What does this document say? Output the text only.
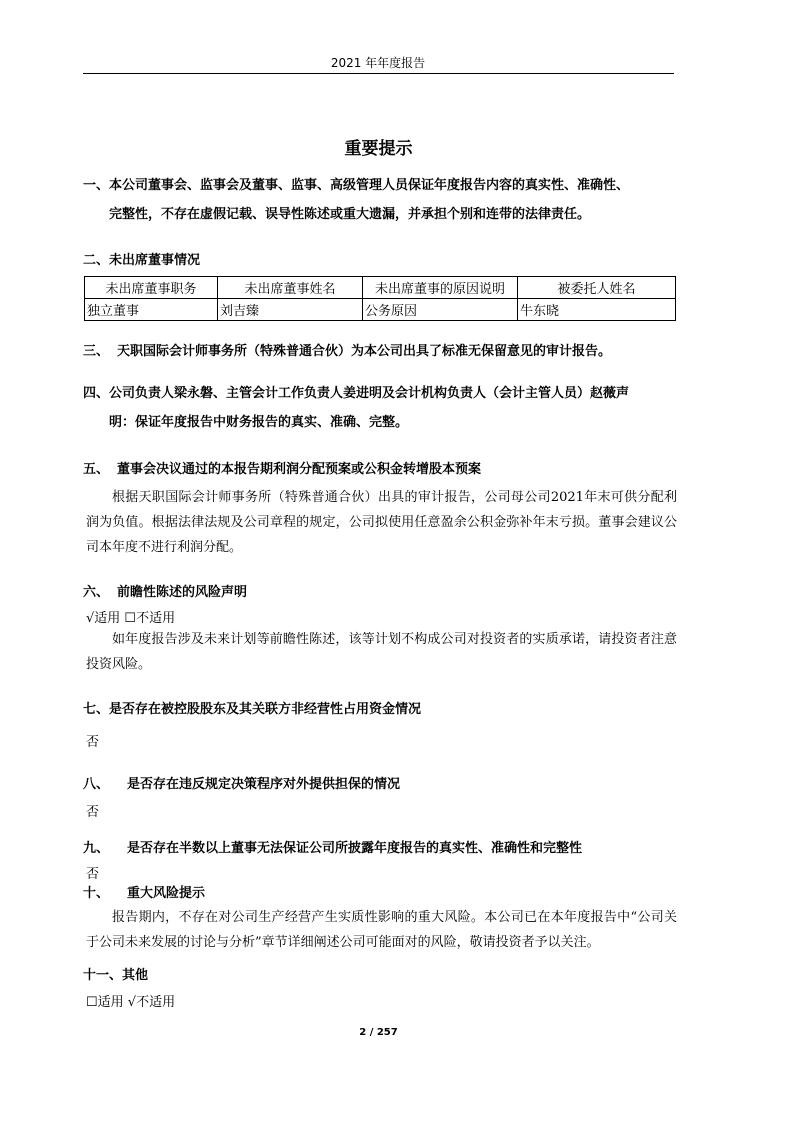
2021 年年度报告
重要提示
一、本公司董事会、监事会及董事、监事、高级管理人员保证年度报告内容的真实性、准确性、
完整性，不存在虚假记载、误导性陈述或重大遗漏，并承担个别和连带的法律责任。
二、未出席董事情况
未出席董事职务	未出席董事姓名	未出席董事的原因说明	被委托人姓名
独立董事	刘吉臻	公务原因	牛东晓
三、 天职国际会计师事务所（特殊普通合伙）为本公司出具了标准无保留意见的审计报告。
四、公司负责人梁永磐、主管会计工作负责人姜进明及会计机构负责人（会计主管人员）赵薇声
明：保证年度报告中财务报告的真实、准确、完整。
五、 董事会决议通过的本报告期利润分配预案或公积金转增股本预案
根据天职国际会计师事务所（特殊普通合伙）出具的审计报告，公司母公司2021年末可供分配利润为负值。根据法律法规及公司章程的规定，公司拟使用任意盈余公积金弥补年末亏损。董事会建议公司本年度不进行利润分配。
六、 前瞻性陈述的风险声明
√适用 ☐不适用
如年度报告涉及未来计划等前瞻性陈述，该等计划不构成公司对投资者的实质承诺，请投资者注意投资风险。
七、是否存在被控股股东及其关联方非经营性占用资金情况
否
八、 是否存在违反规定决策程序对外提供担保的情况
否
九、 是否存在半数以上董事无法保证公司所披露年度报告的真实性、准确性和完整性
否
十、 重大风险提示
报告期内，不存在对公司生产经营产生实质性影响的重大风险。本公司已在本年度报告中“公司关于公司未来发展的讨论与分析”章节详细阐述公司可能面对的风险，敬请投资者予以关注。
十一、其他
☐适用 √不适用
2 / 257
